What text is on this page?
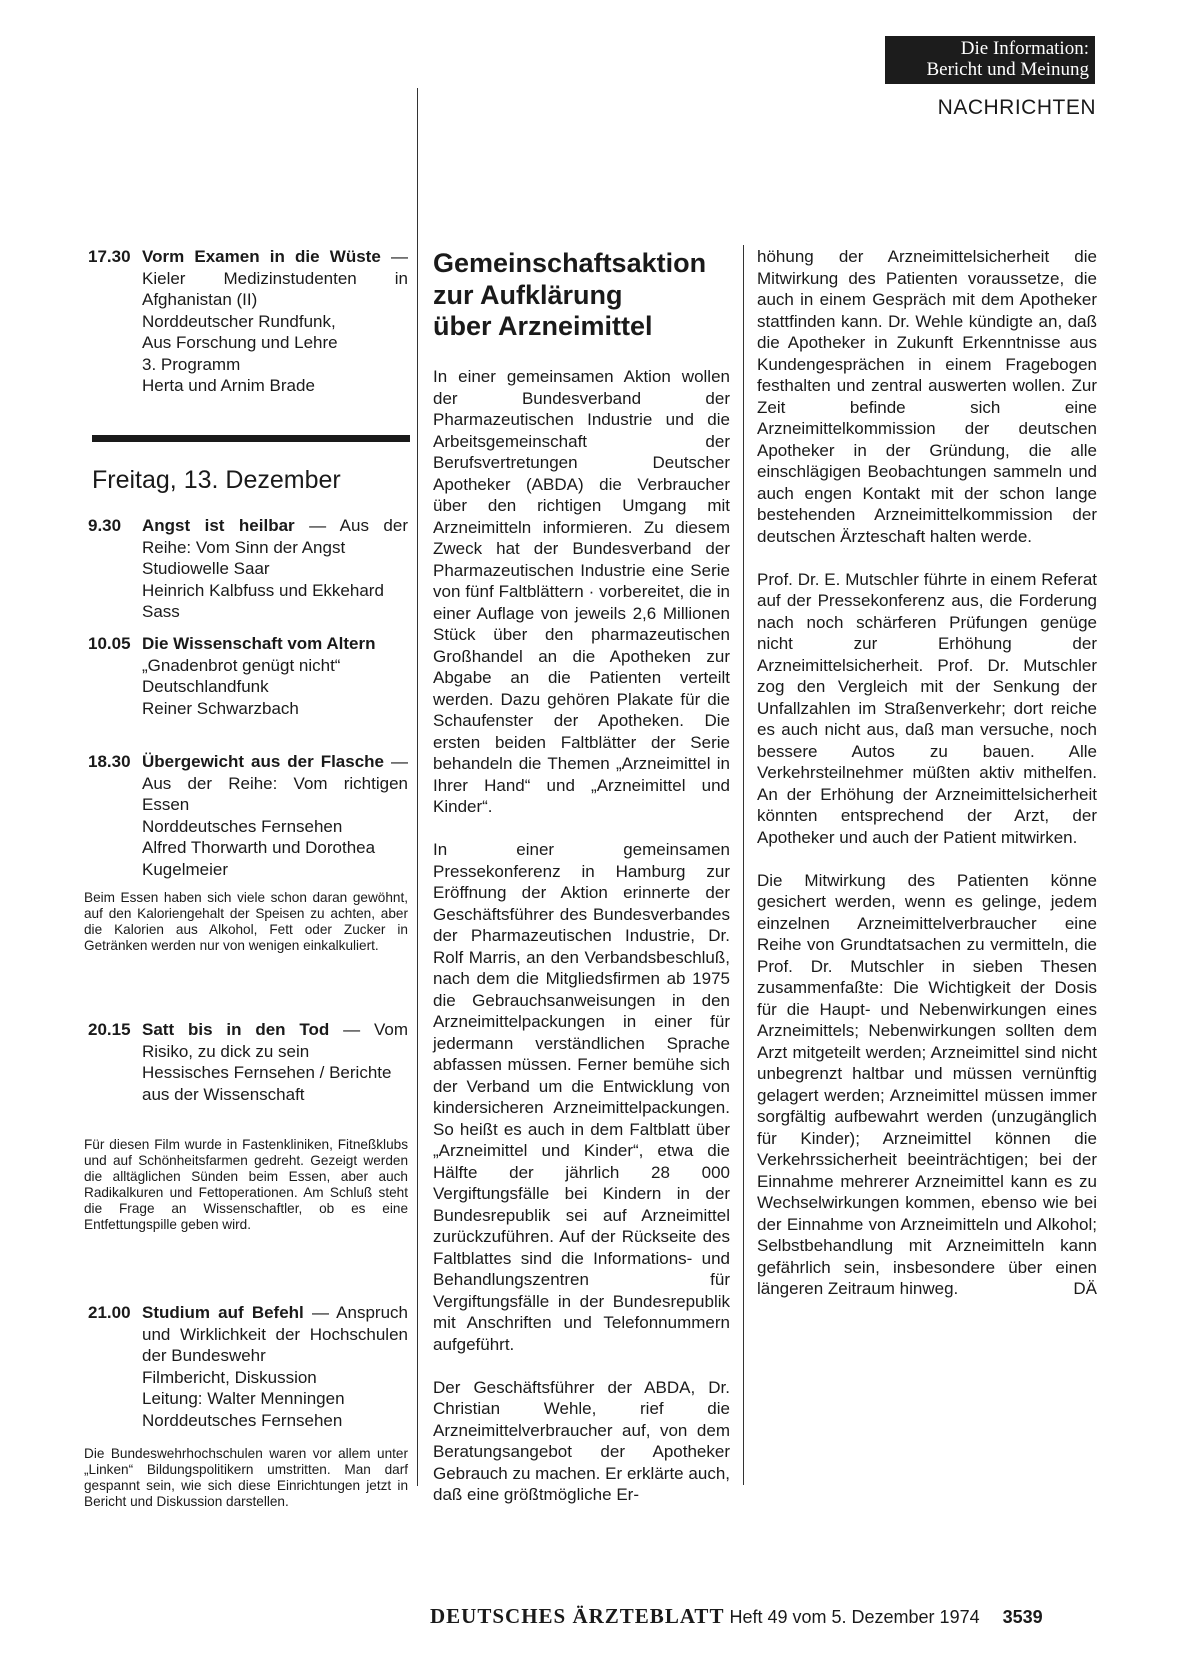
Die Information:
Bericht und Meinung
NACHRICHTEN
17.30 Vorm Examen in die Wüste — Kieler Medizinstudenten in Afghanistan (II)
Norddeutscher Rundfunk,
Aus Forschung und Lehre
3. Programm
Herta und Arnim Brade
Freitag, 13. Dezember
9.30 Angst ist heilbar — Aus der Reihe: Vom Sinn der Angst
Studiowelle Saar
Heinrich Kalbfuss und Ekkehard Sass
10.05 Die Wissenschaft vom Altern
„Gnadenbrot genügt nicht“
Deutschlandfunk
Reiner Schwarzbach
18.30 Übergewicht aus der Flasche — Aus der Reihe: Vom richtigen Essen
Norddeutsches Fernsehen
Alfred Thorwarth und Dorothea Kugelmeier
Beim Essen haben sich viele schon daran gewöhnt, auf den Kaloriengehalt der Speisen zu achten, aber die Kalorien aus Alkohol, Fett oder Zucker in Getränken werden nur von wenigen einkalkuliert.
20.15 Satt bis in den Tod — Vom Risiko, zu dick zu sein
Hessisches Fernsehen / Berichte aus der Wissenschaft
Für diesen Film wurde in Fastenkliniken, Fitneßklubs und auf Schönheitsfarmen gedreht. Gezeigt werden die alltäglichen Sünden beim Essen, aber auch Radikalkuren und Fettoperationen. Am Schluß steht die Frage an Wissenschaftler, ob es eine Entfettungspille geben wird.
21.00 Studium auf Befehl — Anspruch und Wirklichkeit der Hochschulen der Bundeswehr
Filmbericht, Diskussion
Leitung: Walter Menningen
Norddeutsches Fernsehen
Die Bundeswehrhochschulen waren vor allem unter „Linken“ Bildungspolitikern umstritten. Man darf gespannt sein, wie sich diese Einrichtungen jetzt in Bericht und Diskussion darstellen.
Gemeinschaftsaktion
zur Aufklärung
über Arzneimittel

In einer gemeinsamen Aktion wollen der Bundesverband der Pharmazeutischen Industrie und die Arbeitsgemeinschaft der Berufsvertretungen Deutscher Apotheker (ABDA) die Verbraucher über den richtigen Umgang mit Arzneimitteln informieren. Zu diesem Zweck hat der Bundesverband der Pharmazeutischen Industrie eine Serie von fünf Faltblättern · vorbereitet, die in einer Auflage von jeweils 2,6 Millionen Stück über den pharmazeutischen Großhandel an die Apotheken zur Abgabe an die Patienten verteilt werden. Dazu gehören Plakate für die Schaufenster der Apotheken. Die ersten beiden Faltblätter der Serie behandeln die Themen „Arzneimittel in Ihrer Hand“ und „Arzneimittel und Kinder“.

In einer gemeinsamen Pressekonferenz in Hamburg zur Eröffnung der Aktion erinnerte der Geschäftsführer des Bundesverbandes der Pharmazeutischen Industrie, Dr. Rolf Marris, an den Verbandsbeschluß, nach dem die Mitgliedsfirmen ab 1975 die Gebrauchsanweisungen in den Arzneimittelpackungen in einer für jedermann verständlichen Sprache abfassen müssen. Ferner bemühe sich der Verband um die Entwicklung von kindersicheren Arzneimittelpackungen. So heißt es auch in dem Faltblatt über „Arzneimittel und Kinder“, etwa die Hälfte der jährlich 28 000 Vergiftungsfälle bei Kindern in der Bundesrepublik sei auf Arzneimittel zurückzuführen. Auf der Rückseite des Faltblattes sind die Informations- und Behandlungszentren für Vergiftungsfälle in der Bundesrepublik mit Anschriften und Telefonnummern aufgeführt.

Der Geschäftsführer der ABDA, Dr. Christian Wehle, rief die Arzneimittelverbraucher auf, von dem Beratungsangebot der Apotheker Gebrauch zu machen. Er erklärte auch, daß eine größtmögliche Er-

höhung der Arzneimittelsicherheit die Mitwirkung des Patienten voraussetze, die auch in einem Gespräch mit dem Apotheker stattfinden kann. Dr. Wehle kündigte an, daß die Apotheker in Zukunft Erkenntnisse aus Kundengesprächen in einem Fragebogen festhalten und zentral auswerten wollen. Zur Zeit befinde sich eine Arzneimittelkommission der deutschen Apotheker in der Gründung, die alle einschlägigen Beobachtungen sammeln und auch engen Kontakt mit der schon lange bestehenden Arzneimittelkommission der deutschen Ärzteschaft halten werde.

Prof. Dr. E. Mutschler führte in einem Referat auf der Pressekonferenz aus, die Forderung nach noch schärferen Prüfungen genüge nicht zur Erhöhung der Arzneimittelsicherheit. Prof. Dr. Mutschler zog den Vergleich mit der Senkung der Unfallzahlen im Straßenverkehr; dort reiche es auch nicht aus, daß man versuche, noch bessere Autos zu bauen. Alle Verkehrsteilnehmer müßten aktiv mithelfen. An der Erhöhung der Arzneimittelsicherheit könnten entsprechend der Arzt, der Apotheker und auch der Patient mitwirken.

Die Mitwirkung des Patienten könne gesichert werden, wenn es gelinge, jedem einzelnen Arzneimittelverbraucher eine Reihe von Grundtatsachen zu vermitteln, die Prof. Dr. Mutschler in sieben Thesen zusammenfaßte: Die Wichtigkeit der Dosis für die Haupt- und Nebenwirkungen eines Arzneimittels; Nebenwirkungen sollten dem Arzt mitgeteilt werden; Arzneimittel sind nicht unbegrenzt haltbar und müssen vernünftig gelagert werden; Arzneimittel müssen immer sorgfältig aufbewahrt werden (unzugänglich für Kinder); Arzneimittel können die Verkehrssicherheit beeinträchtigen; bei der Einnahme mehrerer Arzneimittel kann es zu Wechselwirkungen kommen, ebenso wie bei der Einnahme von Arzneimitteln und Alkohol; Selbstbehandlung mit Arzneimitteln kann gefährlich sein, insbesondere über einen längeren Zeitraum hinweg.	DÄ

DEUTSCHES ÄRZTEBLATT Heft 49 vom 5. Dezember 1974 3539
